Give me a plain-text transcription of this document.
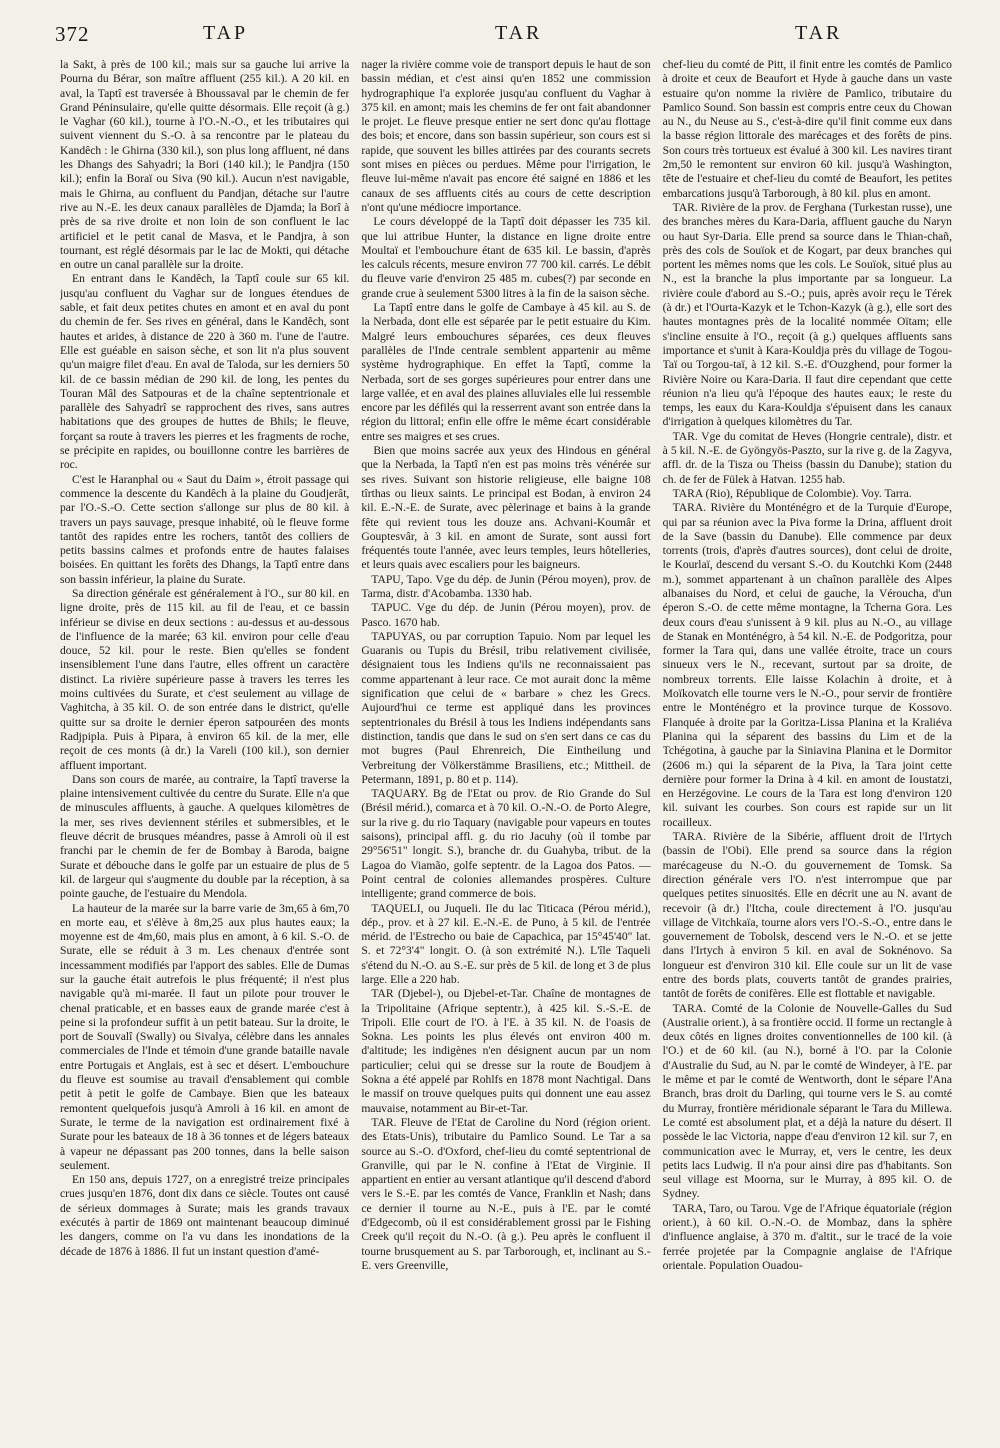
372	TAP	TAR	TAR

la Sakt, à près de 100 kil.; mais sur sa gauche lui arrive la Pourna du Bérar, son maître affluent (255 kil.). A 20 kil. en aval, la Taptî est traversée à Bhoussaval par le chemin de fer Grand Péninsulaire, qu'elle quitte désormais. Elle reçoit (à g.) le Vaghar (60 kil.), tourne à l'O.-N.-O., et les tributaires qui suivent viennent du S.-O. à sa rencontre par le plateau du Kandêch : le Ghirna (330 kil.), son plus long affluent, né dans les Dhangs des Sahyadri; la Bori (140 kil.); le Pandjra (150 kil.); enfin la Boraï ou Siva (90 kil.). Aucun n'est navigable, mais le Ghirna, au confluent du Pandjan, détache sur l'autre rive au N.-E. les deux canaux parallèles de Djamda; la Borî à près de sa rive droite et non loin de son confluent le lac artificiel et le petit canal de Masva, et le Pandjra, à son tournant, est réglé désormais par le lac de Mokti, qui détache en outre un canal parallèle sur la droite.

En entrant dans le Kandêch, la Taptî coule sur 65 kil. jusqu'au confluent du Vaghar sur de longues étendues de sable, et fait deux petites chutes en amont et en aval du pont du chemin de fer. Ses rives en général, dans le Kandêch, sont hautes et arides, à distance de 220 à 360 m. l'une de l'autre. Elle est guéable en saison sèche, et son lit n'a plus souvent qu'un maigre filet d'eau. En aval de Taloda, sur les derniers 50 kil. de ce bassin médian de 290 kil. de long, les pentes du Touran Mâl des Satpouras et de la chaîne septentrionale et parallèle des Sahyadrî se rapprochent des rives, sans autres habitations que des groupes de huttes de Bhils; le fleuve, forçant sa route à travers les pierres et les fragments de roche, se précipite en rapides, ou bouillonne contre les barrières de roc.

C'est le Haranphal ou « Saut du Daim », étroit passage qui commence la descente du Kandêch à la plaine du Goudjerât, par l'O.-S.-O. Cette section s'allonge sur plus de 80 kil. à travers un pays sauvage, presque inhabité, où le fleuve forme tantôt des rapides entre les rochers, tantôt des colliers de petits bassins calmes et profonds entre de hautes falaises boisées. En quittant les forêts des Dhangs, la Taptî entre dans son bassin inférieur, la plaine du Surate.

Sa direction générale est généralement à l'O., sur 80 kil. en ligne droite, près de 115 kil. au fil de l'eau, et ce bassin inférieur se divise en deux sections : au-dessus et au-dessous de l'influence de la marée; 63 kil. environ pour celle d'eau douce, 52 kil. pour le reste. Bien qu'elles se fondent insensiblement l'une dans l'autre, elles offrent un caractère distinct. La rivière supérieure passe à travers les terres les moins cultivées du Surate, et c'est seulement au village de Vaghitcha, à 35 kil. O. de son entrée dans le district, qu'elle quitte sur sa droite le dernier éperon satpouréen des monts Radjpipla. Puis à Pipara, à environ 65 kil. de la mer, elle reçoit de ces monts (à dr.) la Vareli (100 kil.), son dernier affluent important.

Dans son cours de marée, au contraire, la Taptî traverse la plaine intensivement cultivée du centre du Surate. Elle n'a que de minuscules affluents, à gauche. A quelques kilomètres de la mer, ses rives deviennent stériles et submersibles, et le fleuve décrit de brusques méandres, passe à Amroli où il est franchi par le chemin de fer de Bombay à Baroda, baigne Surate et débouche dans le golfe par un estuaire de plus de 5 kil. de largeur qui s'augmente du double par la réception, à sa pointe gauche, de l'estuaire du Mendola.

La hauteur de la marée sur la barre varie de 3m,65 à 6m,70 en morte eau, et s'élève à 8m,25 aux plus hautes eaux; la moyenne est de 4m,60, mais plus en amont, à 6 kil. S.-O. de Surate, elle se réduit à 3 m. Les chenaux d'entrée sont incessamment modifiés par l'apport des sables. Elle de Dumas sur la gauche était autrefois le plus fréquenté; il n'est plus navigable qu'à mi-marée. Il faut un pilote pour trouver le chenal praticable, et en basses eaux de grande marée c'est à peine si la profondeur suffit à un petit bateau. Sur la droite, le port de Souvalî (Swally) ou Sivalya, célèbre dans les annales commerciales de l'Inde et témoin d'une grande bataille navale entre Portugais et Anglais, est à sec et désert. L'embouchure du fleuve est soumise au travail d'ensablement qui comble petit à petit le golfe de Cambaye. Bien que les bateaux remontent quelquefois jusqu'à Amroli à 16 kil. en amont de Surate, le terme de la navigation est ordinairement fixé à Surate pour les bateaux de 18 à 36 tonnes et de légers bateaux à vapeur ne dépassant pas 200 tonnes, dans la belle saison seulement.

En 150 ans, depuis 1727, on a enregistré treize principales crues jusqu'en 1876, dont dix dans ce siècle. Toutes ont causé de sérieux dommages à Surate; mais les grands travaux exécutés à partir de 1869 ont maintenant beaucoup diminué les dangers, comme on l'a vu dans les inondations de la décade de 1876 à 1886. Il fut un instant question d'amé-

nager la rivière comme voie de transport depuis le haut de son bassin médian, et c'est ainsi qu'en 1852 une commission hydrographique l'a explorée jusqu'au confluent du Vaghar à 375 kil. en amont; mais les chemins de fer ont fait abandonner le projet. Le fleuve presque entier ne sert donc qu'au flottage des bois; et encore, dans son bassin supérieur, son cours est si rapide, que souvent les billes attirées par des courants secrets sont mises en pièces ou perdues. Même pour l'irrigation, le fleuve lui-même n'avait pas encore été saigné en 1886 et les canaux de ses affluents cités au cours de cette description n'ont qu'une médiocre importance.

Le cours développé de la Taptî doit dépasser les 735 kil. que lui attribue Hunter, la distance en ligne droite entre Moultaï et l'embouchure étant de 635 kil. Le bassin, d'après les calculs récents, mesure environ 77 700 kil. carrés. Le débit du fleuve varie d'environ 25 485 m. cubes(?) par seconde en grande crue à seulement 5300 litres à la fin de la saison sèche.

La Taptî entre dans le golfe de Cambaye à 45 kil. au S. de la Nerbada, dont elle est séparée par le petit estuaire du Kim. Malgré leurs embouchures séparées, ces deux fleuves parallèles de l'Inde centrale semblent appartenir au même système hydrographique. En effet la Taptî, comme la Nerbada, sort de ses gorges supérieures pour entrer dans une large vallée, et en aval des plaines alluviales elle lui ressemble encore par les défilés qui la resserrent avant son entrée dans la région du littoral; enfin elle offre le même écart considérable entre ses maigres et ses crues.

Bien que moins sacrée aux yeux des Hindous en général que la Nerbada, la Taptî n'en est pas moins très vénérée sur ses rives. Suivant son historie religieuse, elle baigne 108 tîrthas ou lieux saints. Le principal est Bodan, à environ 24 kil. E.-N.-E. de Surate, avec pèlerinage et bains à la grande fête qui revient tous les douze ans. Achvani-Koumâr et Gouptesvâr, à 3 kil. en amont de Surate, sont aussi fort fréquentés toute l'année, avec leurs temples, leurs hôtelleries, et leurs quais avec escaliers pour les baigneurs.

TAPU, Tapo. Vge du dép. de Junin (Pérou moyen), prov. de Tarma, distr. d'Acobamba. 1330 hab.

TAPUC. Vge du dép. de Junin (Pérou moyen), prov. de Pasco. 1670 hab.

TAPUYAS, ou par corruption Tapuio. Nom par lequel les Guaranis ou Tupis du Brésil, tribu relativement civilisée, désignaient tous les Indiens qu'ils ne reconnaissaient pas comme appartenant à leur race. Ce mot aurait donc la même signification que celui de « barbare » chez les Grecs. Aujourd'hui ce terme est appliqué dans les provinces septentrionales du Brésil à tous les Indiens indépendants sans distinction, tandis que dans le sud on s'en sert dans ce cas du mot bugres (Paul Ehrenreich, Die Eintheilung und Verbreitung der Völkerstämme Brasiliens, etc.; Mittheil. de Petermann, 1891, p. 80 et p. 114).

TAQUARY. Bg de l'Etat ou prov. de Rio Grande do Sul (Brésil mérid.), comarca et à 70 kil. O.-N.-O. de Porto Alegre, sur la rive g. du rio Taquary (navigable pour vapeurs en toutes saisons), principal affl. g. du rio Jacuhy (où il tombe par 29°56'51" longit. S.), branche dr. du Guahyba, tribut. de la Lagoa do Viamão, golfe septentr. de la Lagoa dos Patos. — Point central de colonies allemandes prospères. Culture intelligente; grand commerce de bois.

TAQUELI, ou Juqueli. Ile du lac Titicaca (Pérou mérid.), dép., prov. et à 27 kil. E.-N.-E. de Puno, à 5 kil. de l'entrée mérid. de l'Estrecho ou baie de Capachica, par 15°45'40" lat. S. et 72°3'4" longit. O. (à son extrémité N.). L'île Taqueli s'étend du N.-O. au S.-E. sur près de 5 kil. de long et 3 de plus large. Elle a 220 hab.

TAR (Djebel-), ou Djebel-et-Tar. Chaîne de montagnes de la Tripolitaine (Afrique septentr.), à 425 kil. S.-S.-E. de Tripoli. Elle court de l'O. à l'E. à 35 kil. N. de l'oasis de Sokna. Les points les plus élevés ont environ 400 m. d'altitude; les indigènes n'en désignent aucun par un nom particulier; celui qui se dresse sur la route de Boudjem à Sokna a été appelé par Rohlfs en 1878 mont Nachtigal. Dans le massif on trouve quelques puits qui donnent une eau assez mauvaise, notamment au Bir-et-Tar.

TAR. Fleuve de l'Etat de Caroline du Nord (région orient. des Etats-Unis), tributaire du Pamlico Sound. Le Tar a sa source au S.-O. d'Oxford, chef-lieu du comté septentrional de Granville, qui par le N. confine à l'Etat de Virginie. Il appartient en entier au versant atlantique qu'il descend d'abord vers le S.-E. par les comtés de Vance, Franklin et Nash; dans ce dernier il tourne au N.-E., puis à l'E. par le comté d'Edgecomb, où il est considérablement grossi par le Fishing Creek qu'il reçoit du N.-O. (à g.). Peu après le confluent il tourne brusquement au S. par Tarborough, et, inclinant au S.-E. vers Greenville,

chef-lieu du comté de Pitt, il finit entre les comtés de Pamlico à droite et ceux de Beaufort et Hyde à gauche dans un vaste estuaire qu'on nomme la rivière de Pamlico, tributaire du Pamlico Sound. Son bassin est compris entre ceux du Chowan au N., du Neuse au S., c'est-à-dire qu'il finit comme eux dans la basse région littorale des marécages et des forêts de pins. Son cours très tortueux est évalué à 300 kil. Les navires tirant 2m,50 le remontent sur environ 60 kil. jusqu'à Washington, tête de l'estuaire et chef-lieu du comté de Beaufort, les petites embarcations jusqu'à Tarborough, à 80 kil. plus en amont.

TAR. Rivière de la prov. de Ferghana (Turkestan russe), une des branches mères du Kara-Daria, affluent gauche du Naryn ou haut Syr-Daria. Elle prend sa source dans le Thian-chañ, près des cols de Souïok et de Kogart, par deux branches qui portent les mêmes noms que les cols. Le Souïok, situé plus au N., est la branche la plus importante par sa longueur. La rivière coule d'abord au S.-O.; puis, après avoir reçu le Térek (à dr.) et l'Ourta-Kazyk et le Tchon-Kazyk (à g.), elle sort des hautes montagnes près de la localité nommée Oïtam; elle s'incline ensuite à l'O., reçoit (à g.) quelques affluents sans importance et s'unit à Kara-Kouldja près du village de Togou-Taï ou Torgou-taï, à 12 kil. S.-E. d'Ouzghend, pour former la Rivière Noire ou Kara-Daria. Il faut dire cependant que cette réunion n'a lieu qu'à l'époque des hautes eaux; le reste du temps, les eaux du Kara-Kouldja s'épuisent dans les canaux d'irrigation à quelques kilomètres du Tar.

TAR. Vge du comitat de Heves (Hongrie centrale), distr. et à 5 kil. N.-E. de Gyöngyös-Paszto, sur la rive g. de la Zagyva, affl. dr. de la Tisza ou Theiss (bassin du Danube); station du ch. de fer de Fülek à Hatvan. 1255 hab.

TARA (Rio), République de Colombie). Voy. Tarra.

TARA. Rivière du Monténégro et de la Turquie d'Europe, qui par sa réunion avec la Piva forme la Drina, affluent droit de la Save (bassin du Danube). Elle commence par deux torrents (trois, d'après d'autres sources), dont celui de droite, le Kourlaï, descend du versant S.-O. du Koutchki Kom (2448 m.), sommet appartenant à un chaînon parallèle des Alpes albanaises du Nord, et celui de gauche, la Vérouchа, d'un éperon S.-O. de cette même montagne, la Tcherna Gora. Les deux cours d'eau s'unissent à 9 kil. plus au N.-O., au village de Stanak en Monténégro, à 54 kil. N.-E. de Podgoritza, pour former la Tara qui, dans une vallée étroite, trace un cours sinueux vers le N., recevant, surtout par sa droite, de nombreux torrents. Elle laisse Kolachin à droite, et à Moïkovatch elle tourne vers le N.-O., pour servir de frontière entre le Monténégro et la province turque de Kossovo. Flanquée à droite par la Goritza-Lissa Planina et la Kraliéva Planina qui la séparent des bassins du Lim et de la Tchégotina, à gauche par la Siniavina Planina et le Dormitor (2606 m.) qui la séparent de la Piva, la Tara joint cette dernière pour former la Drina à 4 kil. en amont de Ioustatzi, en Herzégovine. Le cours de la Tara est long d'environ 120 kil. suivant les courbes. Son cours est rapide sur un lit rocailleux.

TARA. Rivière de la Sibérie, affluent droit de l'Irtych (bassin de l'Obi). Elle prend sa source dans la région marécageuse du N.-O. du gouvernement de Tomsk. Sa direction générale vers l'O. n'est interrompue que par quelques petites sinuosités. Elle en décrit une au N. avant de recevoir (à dr.) l'Itcha, coule directement à l'O. jusqu'au village de Vitchkaïa, tourne alors vers l'O.-S.-O., entre dans le gouvernement de Tobolsk, descend vers le N.-O. et se jette dans l'Irtych à environ 5 kil. en aval de Soknénovo. Sa longueur est d'environ 310 kil. Elle coule sur un lit de vase entre des bords plats, couverts tantôt de grandes prairies, tantôt de forêts de conifères. Elle est flottable et navigable.

TARA. Comté de la Colonie de Nouvelle-Galles du Sud (Australie orient.), à sa frontière occid. Il forme un rectangle à deux côtés en lignes droites conventionnelles de 100 kil. (à l'O.) et de 60 kil. (au N.), borné à l'O. par la Colonie d'Australie du Sud, au N. par le comté de Windeyer, à l'E. par le même et par le comté de Wentworth, dont le sépare l'Ana Branch, bras droit du Darling, qui tourne vers le S. au comté du Murray, frontière méridionale séparant le Tara du Millewa. Le comté est absolument plat, et a déjà la nature du désert. Il possède le lac Victoria, nappe d'eau d'environ 12 kil. sur 7, en communication avec le Murray, et, vers le centre, les deux petits lacs Ludwig. Il n'a pour ainsi dire pas d'habitants. Son seul village est Moorna, sur le Murray, à 895 kil. O. de Sydney.

TARA, Taro, ou Tarou. Vge de l'Afrique équatoriale (région orient.), à 60 kil. O.-N.-O. de Mombaz, dans la sphère d'influence anglaise, à 370 m. d'altit., sur le tracé de la voie ferrée projetée par la Compagnie anglaise de l'Afrique orientale. Population Ouadou-
